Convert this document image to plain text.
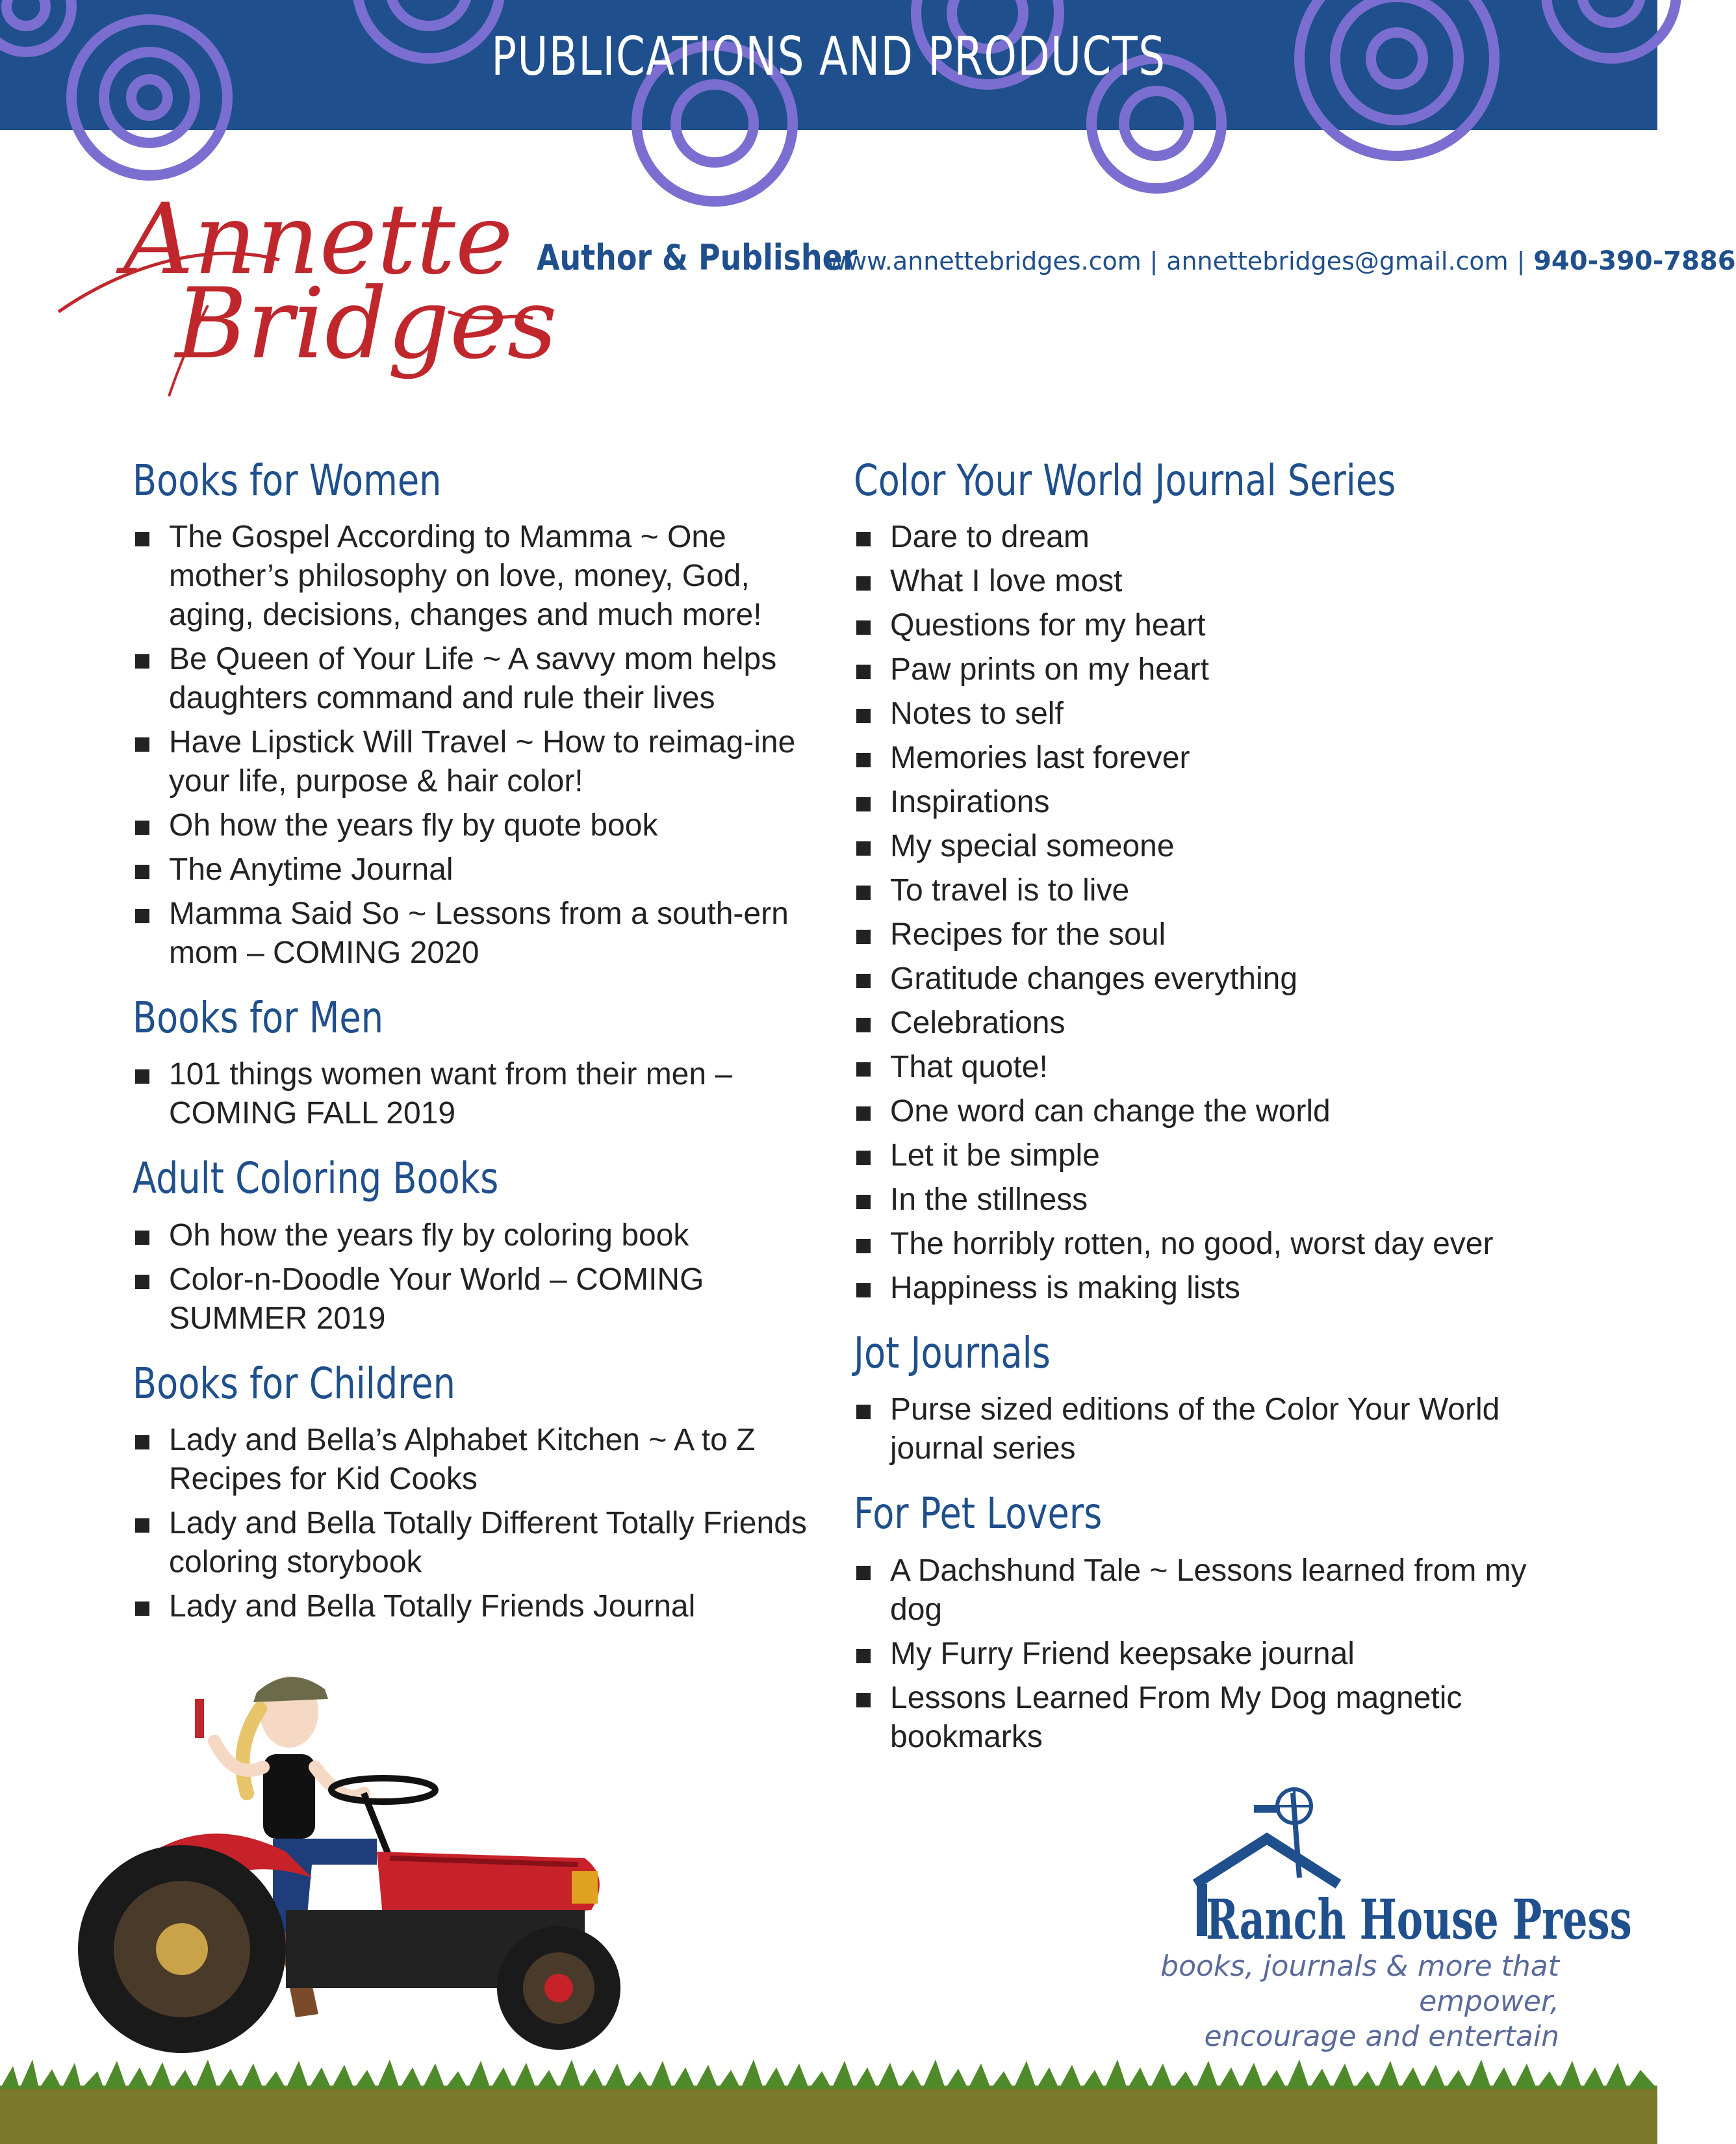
PUBLICATIONS AND PRODUCTS
Annette
Bridges
Author & Publisher
www.annettebridges.com | annettebridges@gmail.com | 940-390-7886
Books for Women
The Gospel According to Mamma ~ One mother’s philosophy on love, money, God, aging, decisions, changes and much more!
Be Queen of Your Life ~ A savvy mom helps daughters command and rule their lives
Have Lipstick Will Travel ~ How to reimag-ine your life, purpose & hair color!
Oh how the years fly by quote book
The Anytime Journal
Mamma Said So ~ Lessons from a south-ern mom – COMING 2020
Books for Men
101 things women want from their men – COMING FALL 2019
Adult Coloring Books
Oh how the years fly by coloring book
Color-n-Doodle Your World – COMING SUMMER 2019
Books for Children
Lady and Bella’s Alphabet Kitchen ~ A to Z Recipes for Kid Cooks
Lady and Bella Totally Different Totally Friends coloring storybook
Lady and Bella Totally Friends Journal
Color Your World Journal Series
Dare to dream
What I love most
Questions for my heart
Paw prints on my heart
Notes to self
Memories last forever
Inspirations
My special someone
To travel is to live
Recipes for the soul
Gratitude changes everything
Celebrations
That quote!
One word can change the world
Let it be simple
In the stillness
The horribly rotten, no good, worst day ever
Happiness is making lists
Jot Journals
Purse sized editions of the Color Your World journal series
For Pet Lovers
A Dachshund Tale ~ Lessons learned from my dog
My Furry Friend keepsake journal
Lessons Learned From My Dog magnetic bookmarks
Ranch House Press
books, journals & more that empower,
encourage and entertain
